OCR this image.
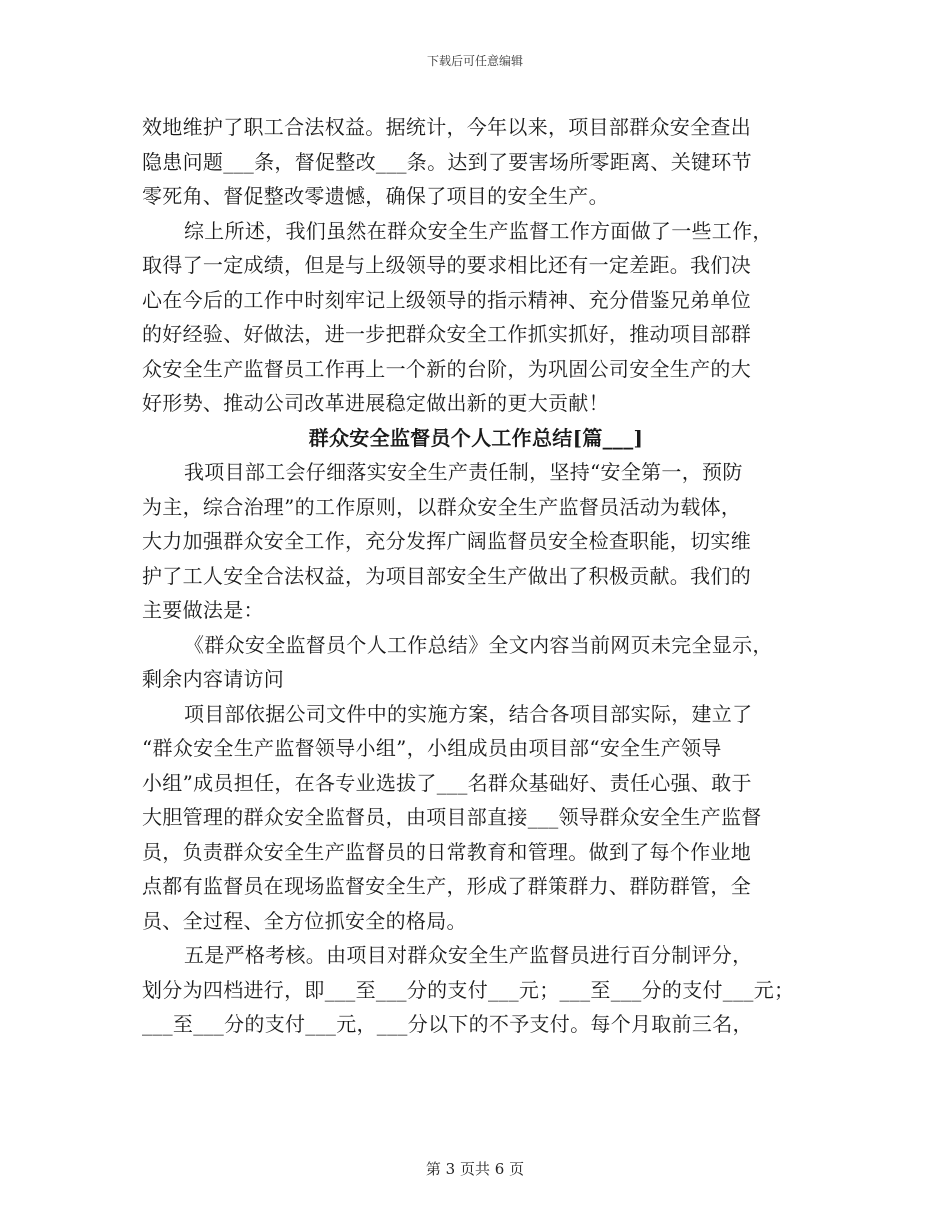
下载后可任意编辑
效地维护了职工合法权益。据统计，今年以来，项目部群众安全查出
隐患问题___条，督促整改___条。达到了要害场所零距离、关键环节
零死角、督促整改零遗憾，确保了项目的安全生产。
综上所述，我们虽然在群众安全生产监督工作方面做了一些工作，
取得了一定成绩，但是与上级领导的要求相比还有一定差距。我们决
心在今后的工作中时刻牢记上级领导的指示精神、充分借鉴兄弟单位
的好经验、好做法，进一步把群众安全工作抓实抓好，推动项目部群
众安全生产监督员工作再上一个新的台阶，为巩固公司安全生产的大
好形势、推动公司改革进展稳定做出新的更大贡献！
群众安全监督员个人工作总结[篇___]
我项目部工会仔细落实安全生产责任制，坚持“安全第一，预防
为主，综合治理”的工作原则，以群众安全生产监督员活动为载体，
大力加强群众安全工作，充分发挥广阔监督员安全检查职能，切实维
护了工人安全合法权益，为项目部安全生产做出了积极贡献。我们的
主要做法是：
《群众安全监督员个人工作总结》全文内容当前网页未完全显示，
剩余内容请访问
项目部依据公司文件中的实施方案，结合各项目部实际，建立了
“群众安全生产监督领导小组”，小组成员由项目部“安全生产领导
小组”成员担任，在各专业选拔了___名群众基础好、责任心强、敢于
大胆管理的群众安全监督员，由项目部直接___领导群众安全生产监督
员，负责群众安全生产监督员的日常教育和管理。做到了每个作业地
点都有监督员在现场监督安全生产，形成了群策群力、群防群管，全
员、全过程、全方位抓安全的格局。
五是严格考核。由项目对群众安全生产监督员进行百分制评分，
划分为四档进行，即___至___分的支付___元；___至___分的支付___元；
___至___分的支付___元，___分以下的不予支付。每个月取前三名，
第 3 页共 6 页
